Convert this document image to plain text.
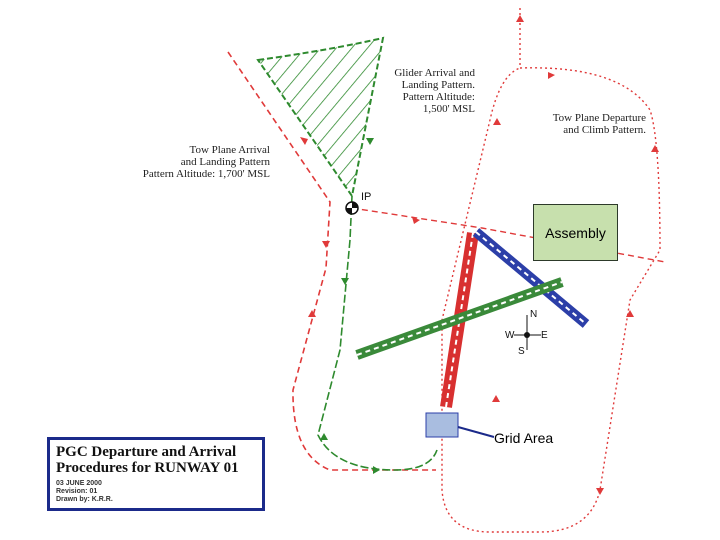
Glider Arrival and
Landing Pattern.
Pattern Altitude:
1,500' MSL
Tow Plane Arrival
and Landing Pattern
Pattern Altitude: 1,700' MSL
Tow Plane Departure
and Climb Pattern.
IP
Assembly
Grid Area
N
W	E
S
PGC Departure and Arrival
Procedures for RUNWAY 01
03 JUNE 2000
Revision: 01
Drawn by: K.R.R.
